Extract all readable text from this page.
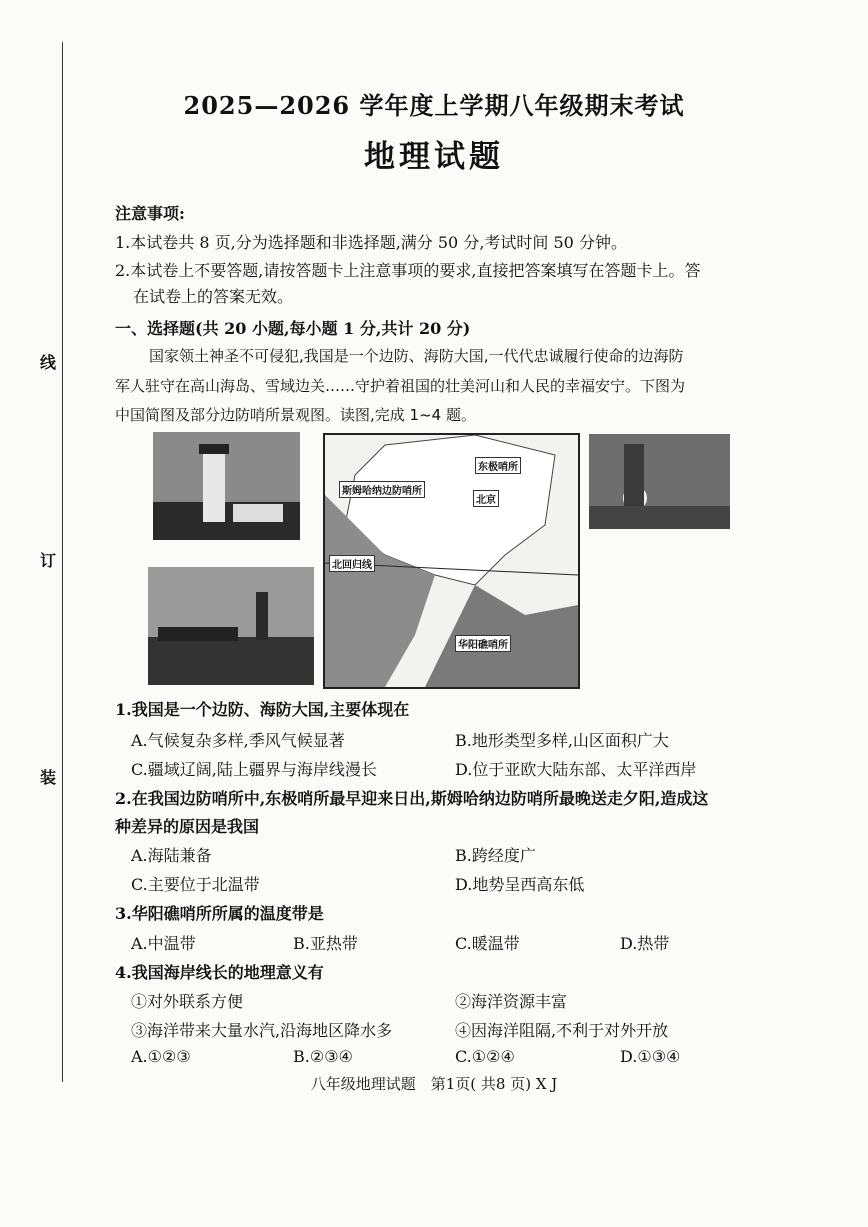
线
订
装
2025—2026 学年度上学期八年级期末考试
地理试题
注意事项:
1.本试卷共 8 页,分为选择题和非选择题,满分 50 分,考试时间 50 分钟。
2.本试卷上不要答题,请按答题卡上注意事项的要求,直接把答案填写在答题卡上。答
在试卷上的答案无效。
一、选择题(共 20 小题,每小题 1 分,共计 20 分)
国家领土神圣不可侵犯,我国是一个边防、海防大国,一代代忠诚履行使命的边海防
军人驻守在高山海岛、雪域边关……守护着祖国的壮美河山和人民的幸福安宁。下图为
中国简图及部分边防哨所景观图。读图,完成 1~4 题。
东极哨所
斯姆哈纳边防哨所
北京
北回归线
华阳礁哨所
1.我国是一个边防、海防大国,主要体现在
A.气候复杂多样,季风气候显著	B.地形类型多样,山区面积广大
C.疆域辽阔,陆上疆界与海岸线漫长	D.位于亚欧大陆东部、太平洋西岸
2.在我国边防哨所中,东极哨所最早迎来日出,斯姆哈纳边防哨所最晚送走夕阳,造成这
种差异的原因是我国
A.海陆兼备	B.跨经度广
C.主要位于北温带	D.地势呈西高东低
3.华阳礁哨所所属的温度带是
A.中温带	B.亚热带	C.暖温带	D.热带
4.我国海岸线长的地理意义有
①对外联系方便	②海洋资源丰富
③海洋带来大量水汽,沿海地区降水多	④因海洋阻隔,不利于对外开放
A.①②③	B.②③④	C.①②④	D.①③④
八年级地理试题　第1页( 共8 页) X J
